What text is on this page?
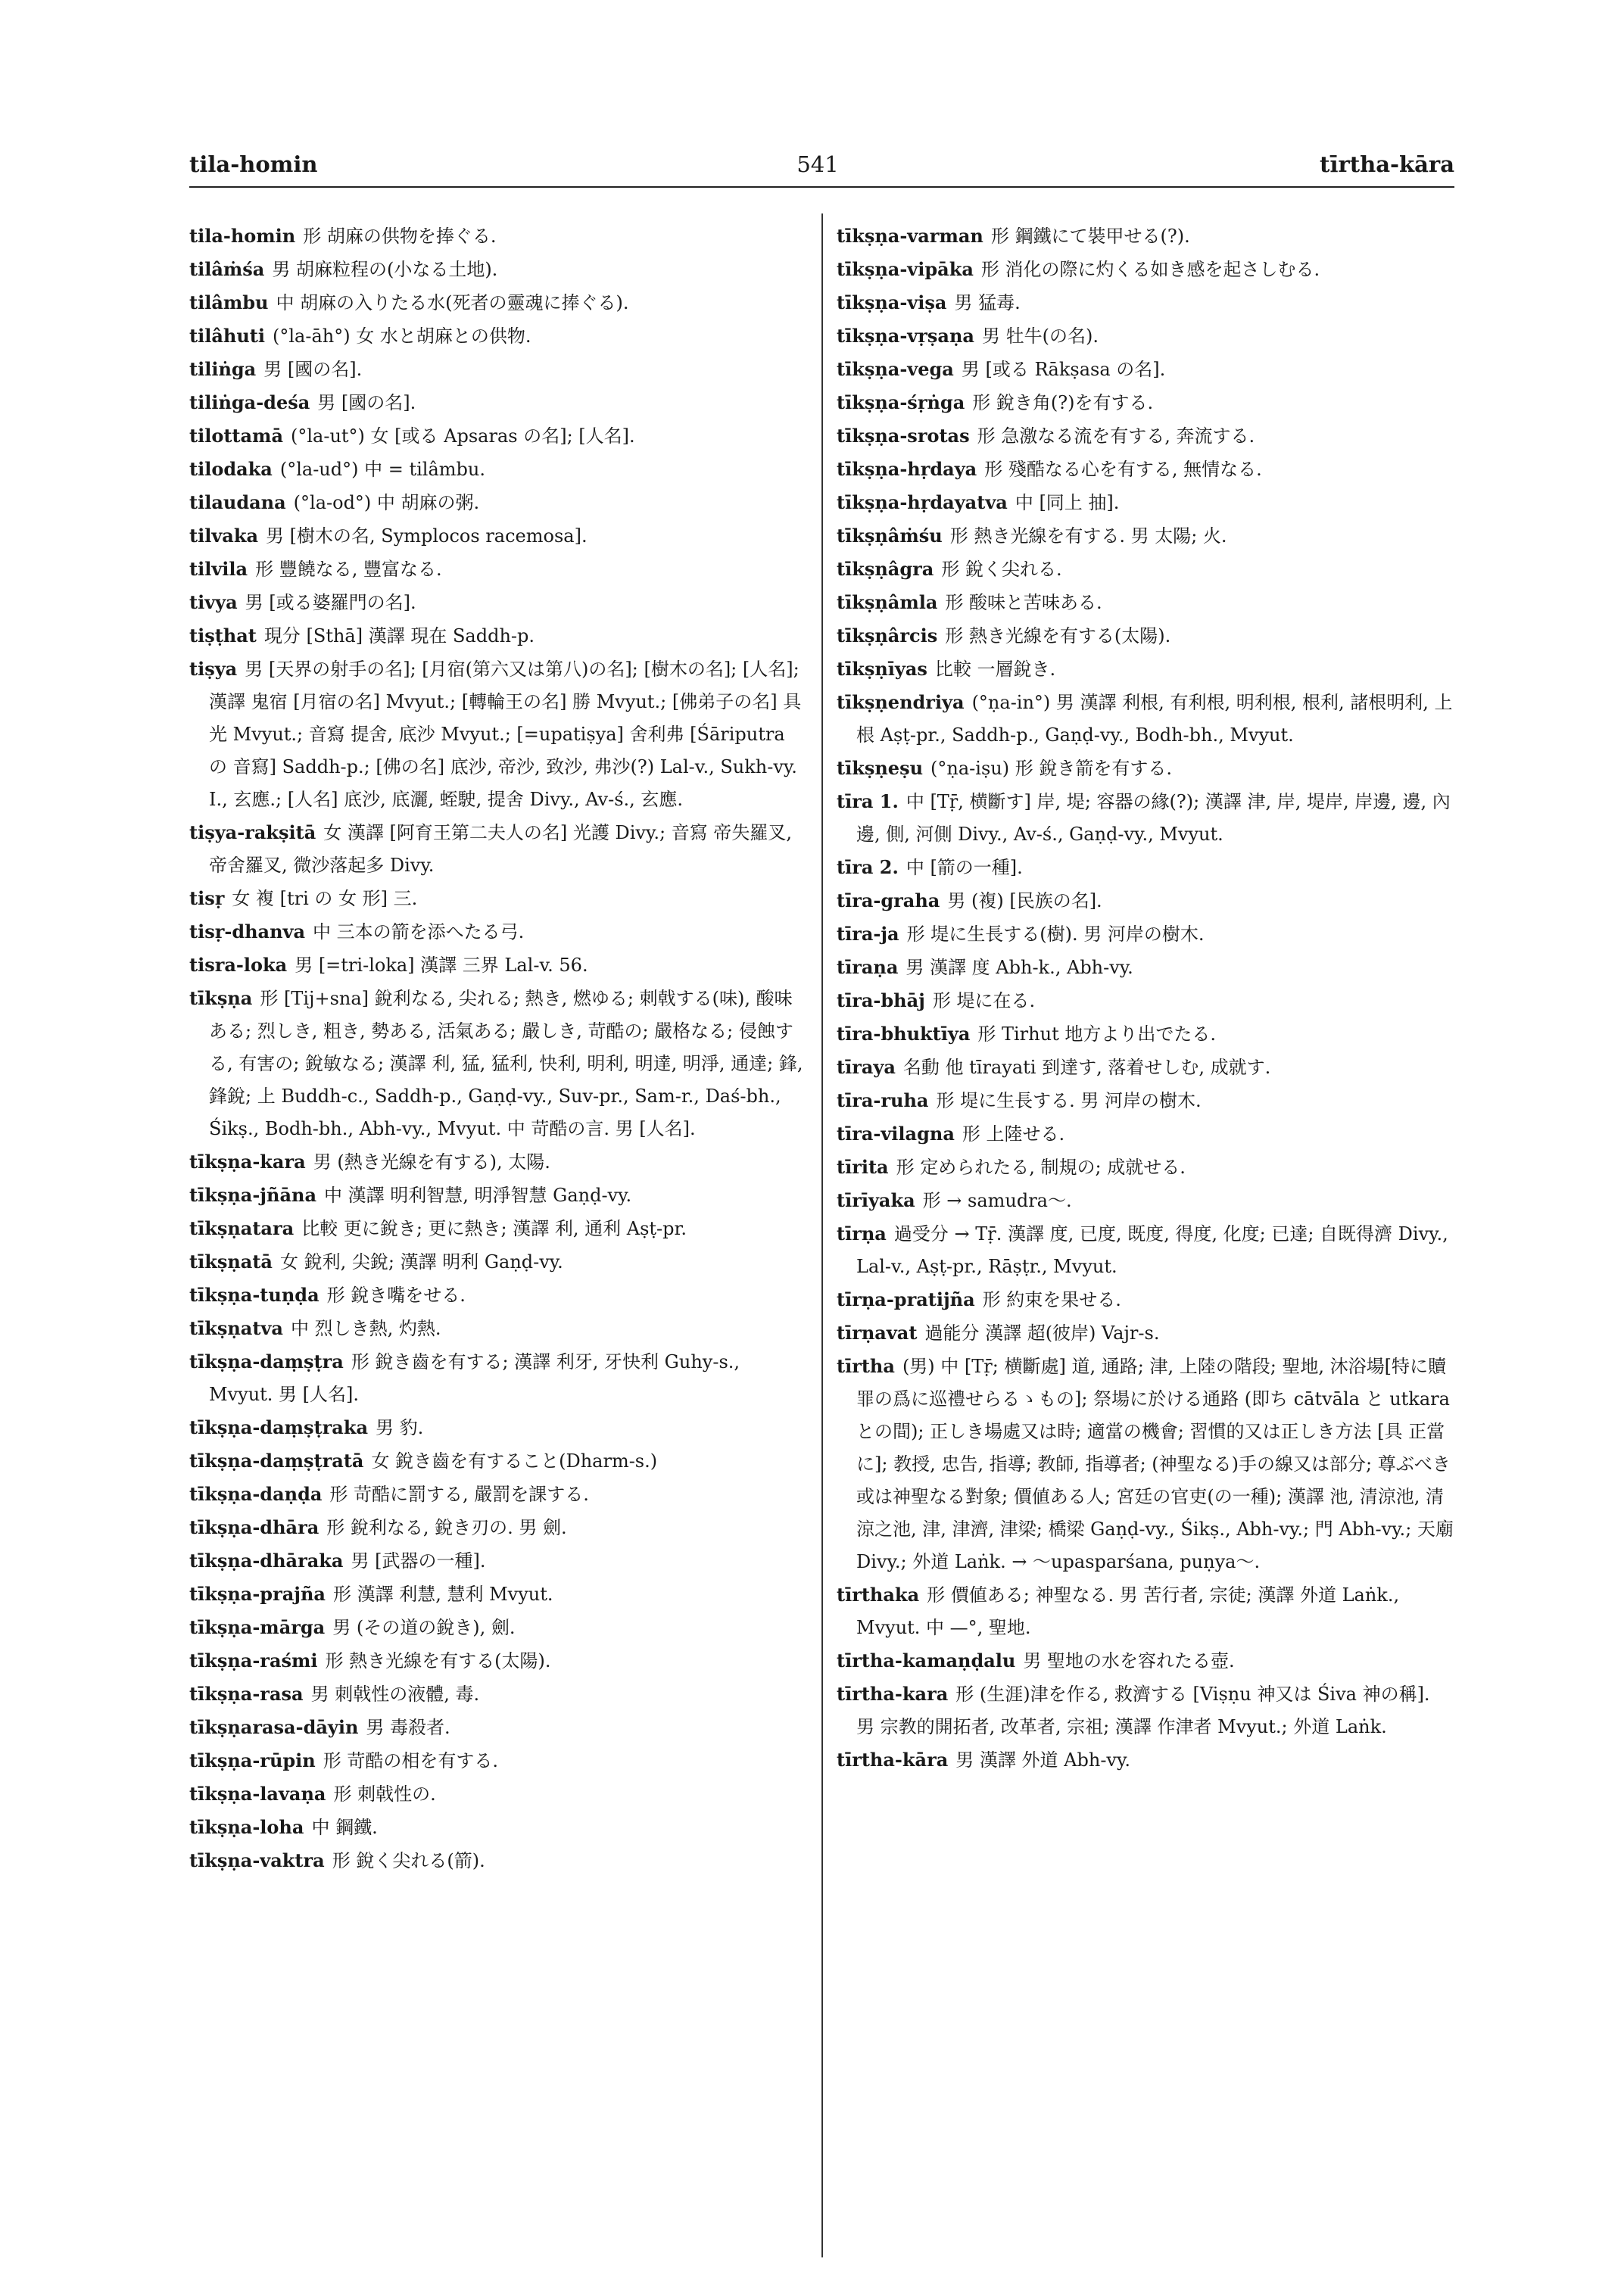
tila-homin	541	tīrtha-kāra

tila-homin 形 胡麻の供物を捧ぐる.

tilâṁśa 男 胡麻粒程の(小なる土地).

tilâmbu 中 胡麻の入りたる水(死者の靈魂に捧ぐる).

tilâhuti (°la-āh°) 女 水と胡麻との供物.

tiliṅga 男 [國の名].

tiliṅga-deśa 男 [國の名].

tilottamā (°la-ut°) 女 [或る Apsaras の名]; [人名].

tilodaka (°la-ud°) 中 = tilâmbu.

tilaudana (°la-od°) 中 胡麻の粥.

tilvaka 男 [樹木の名, Symplocos racemosa].

tilvila 形 豐饒なる, 豐富なる.

tivya 男 [或る婆羅門の名].

tiṣṭhat 現分 [Sthā] 漢譯 現在 Saddh-p.

tiṣya 男 [天界の射手の名]; [月宿(第六又は第八)の名]; [樹木の名]; [人名]; 漢譯 鬼宿 [月宿の名] Mvyut.; [轉輪王の名] 勝 Mvyut.; [佛弟子の名] 具光 Mvyut.; 音寫 提舍, 底沙 Mvyut.; [=upatiṣya] 舍利弗 [Śāriputra の 音寫] Saddh-p.; [佛の名] 底沙, 帝沙, 致沙, 弗沙(?) Lal-v., Sukh-vy. I., 玄應.; [人名] 底沙, 底灑, 蛭駛, 提舍 Divy., Av-ś., 玄應.

tiṣya-rakṣitā 女 漢譯 [阿育王第二夫人の名] 光護 Divy.; 音寫 帝失羅叉, 帝舍羅叉, 微沙落起多 Divy.

tisṛ 女 複 [tri の 女 形] 三.

tisṛ-dhanva 中 三本の箭を添へたる弓.

tisra-loka 男 [=tri-loka] 漢譯 三界 Lal-v. 56.

tīkṣṇa 形 [Tij+sna] 銳利なる, 尖れる; 熱き, 燃ゆる; 刺戟する(味), 酸味ある; 烈しき, 粗き, 勢ある, 活氣ある; 嚴しき, 苛酷の; 嚴格なる; 侵蝕する, 有害の; 銳敏なる; 漢譯 利, 猛, 猛利, 快利, 明利, 明達, 明淨, 通達; 鋒, 鋒銳; 上 Buddh-c., Saddh-p., Gaṇḍ-vy., Suv-pr., Sam-r., Daś-bh., Śikṣ., Bodh-bh., Abh-vy., Mvyut. 中 苛酷の言. 男 [人名].

tīkṣṇa-kara 男 (熱き光線を有する), 太陽.

tīkṣṇa-jñāna 中 漢譯 明利智慧, 明淨智慧 Gaṇḍ-vy.

tīkṣṇatara 比較 更に銳き; 更に熱き; 漢譯 利, 通利 Aṣṭ-pr.

tīkṣṇatā 女 銳利, 尖銳; 漢譯 明利 Gaṇḍ-vy.

tīkṣṇa-tuṇḍa 形 銳き嘴をせる.

tīkṣṇatva 中 烈しき熱, 灼熱.

tīkṣṇa-daṃṣṭra 形 銳き齒を有する; 漢譯 利牙, 牙快利 Guhy-s., Mvyut. 男 [人名].

tīkṣṇa-daṃṣṭraka 男 豹.

tīkṣṇa-daṃṣṭratā 女 銳き齒を有すること(Dharm-s.)

tīkṣṇa-daṇḍa 形 苛酷に罰する, 嚴罰を課する.

tīkṣṇa-dhāra 形 銳利なる, 銳き刃の. 男 劍.

tīkṣṇa-dhāraka 男 [武器の一種].

tīkṣṇa-prajña 形 漢譯 利慧, 慧利 Mvyut.

tīkṣṇa-mārga 男 (その道の銳き), 劍.

tīkṣṇa-raśmi 形 熱き光線を有する(太陽).

tīkṣṇa-rasa 男 刺戟性の液體, 毒.

tīkṣṇarasa-dāyin 男 毒殺者.

tīkṣṇa-rūpin 形 苛酷の相を有する.

tīkṣṇa-lavaṇa 形 刺戟性の.

tīkṣṇa-loha 中 鋼鐵.

tīkṣṇa-vaktra 形 銳く尖れる(箭).

tīkṣṇa-varman 形 鋼鐵にて裝甲せる(?).

tīkṣṇa-vipāka 形 消化の際に灼くる如き感を起さしむる.

tīkṣṇa-viṣa 男 猛毒.

tīkṣṇa-vṛṣaṇa 男 牡牛(の名).

tīkṣṇa-vega 男 [或る Rākṣasa の名].

tīkṣṇa-śṛṅga 形 銳き角(?)を有する.

tīkṣṇa-srotas 形 急激なる流を有する, 奔流する.

tīkṣṇa-hṛdaya 形 殘酷なる心を有する, 無情なる.

tīkṣṇa-hṛdayatva 中 [同上 抽].

tīkṣṇâṁśu 形 熱き光線を有する. 男 太陽; 火.

tīkṣṇâgra 形 銳く尖れる.

tīkṣṇâmla 形 酸味と苦味ある.

tīkṣṇârcis 形 熱き光線を有する(太陽).

tīkṣṇīyas 比較 一層銳き.

tīkṣṇendriya (°ṇa-in°) 男 漢譯 利根, 有利根, 明利根, 根利, 諸根明利, 上根 Aṣṭ-pr., Saddh-p., Gaṇḍ-vy., Bodh-bh., Mvyut.

tīkṣṇeṣu (°ṇa-iṣu) 形 銳き箭を有する.

tīra 1. 中 [Tṝ, 横斷す] 岸, 堤; 容器の緣(?); 漢譯 津, 岸, 堤岸, 岸邊, 邊, 內邊, 側, 河側 Divy., Av-ś., Gaṇḍ-vy., Mvyut.

tīra 2. 中 [箭の一種].

tīra-graha 男 (複) [民族の名].

tīra-ja 形 堤に生長する(樹). 男 河岸の樹木.

tīraṇa 男 漢譯 度 Abh-k., Abh-vy.

tīra-bhāj 形 堤に在る.

tīra-bhuktīya 形 Tirhut 地方より出でたる.

tīraya 名動 他 tīrayati 到達す, 落着せしむ, 成就す.

tīra-ruha 形 堤に生長する. 男 河岸の樹木.

tīra-vilagna 形 上陸せる.

tīrita 形 定められたる, 制規の; 成就せる.

tīrīyaka 形 → samudra〜.

tīrṇa 過受分 → Tṝ. 漢譯 度, 已度, 既度, 得度, 化度; 已達; 自既得濟 Divy., Lal-v., Aṣṭ-pr., Rāṣṭr., Mvyut.

tīrṇa-pratijña 形 約束を果せる.

tīrṇavat 過能分 漢譯 超(彼岸) Vajr-s.

tīrtha (男) 中 [Tṝ; 横斷處] 道, 通路; 津, 上陸の階段; 聖地, 沐浴場[特に贖罪の爲に巡禮せらるゝもの]; 祭場に於ける通路 (即ち cātvāla と utkara との間); 正しき場處又は時; 適當の機會; 習慣的又は正しき方法 [具 正當に]; 教授, 忠告, 指導; 教師, 指導者; (神聖なる)手の線又は部分; 尊ぶべき或は神聖なる對象; 價値ある人; 宮廷の官吏(の一種); 漢譯 池, 清涼池, 清涼之池, 津, 津濟, 津梁; 橋梁 Gaṇḍ-vy., Śikṣ., Abh-vy.; 門 Abh-vy.; 天廟 Divy.; 外道 Laṅk. → 〜upasparśana, puṇya〜.

tīrthaka 形 價値ある; 神聖なる. 男 苦行者, 宗徒; 漢譯 外道 Laṅk., Mvyut. 中 —°, 聖地.

tīrtha-kamaṇḍalu 男 聖地の水を容れたる壺.

tīrtha-kara 形 (生涯)津を作る, 救濟する [Viṣṇu 神又は Śiva 神の稱]. 男 宗教的開拓者, 改革者, 宗祖; 漢譯 作津者 Mvyut.; 外道 Laṅk.

tīrtha-kāra 男 漢譯 外道 Abh-vy.
